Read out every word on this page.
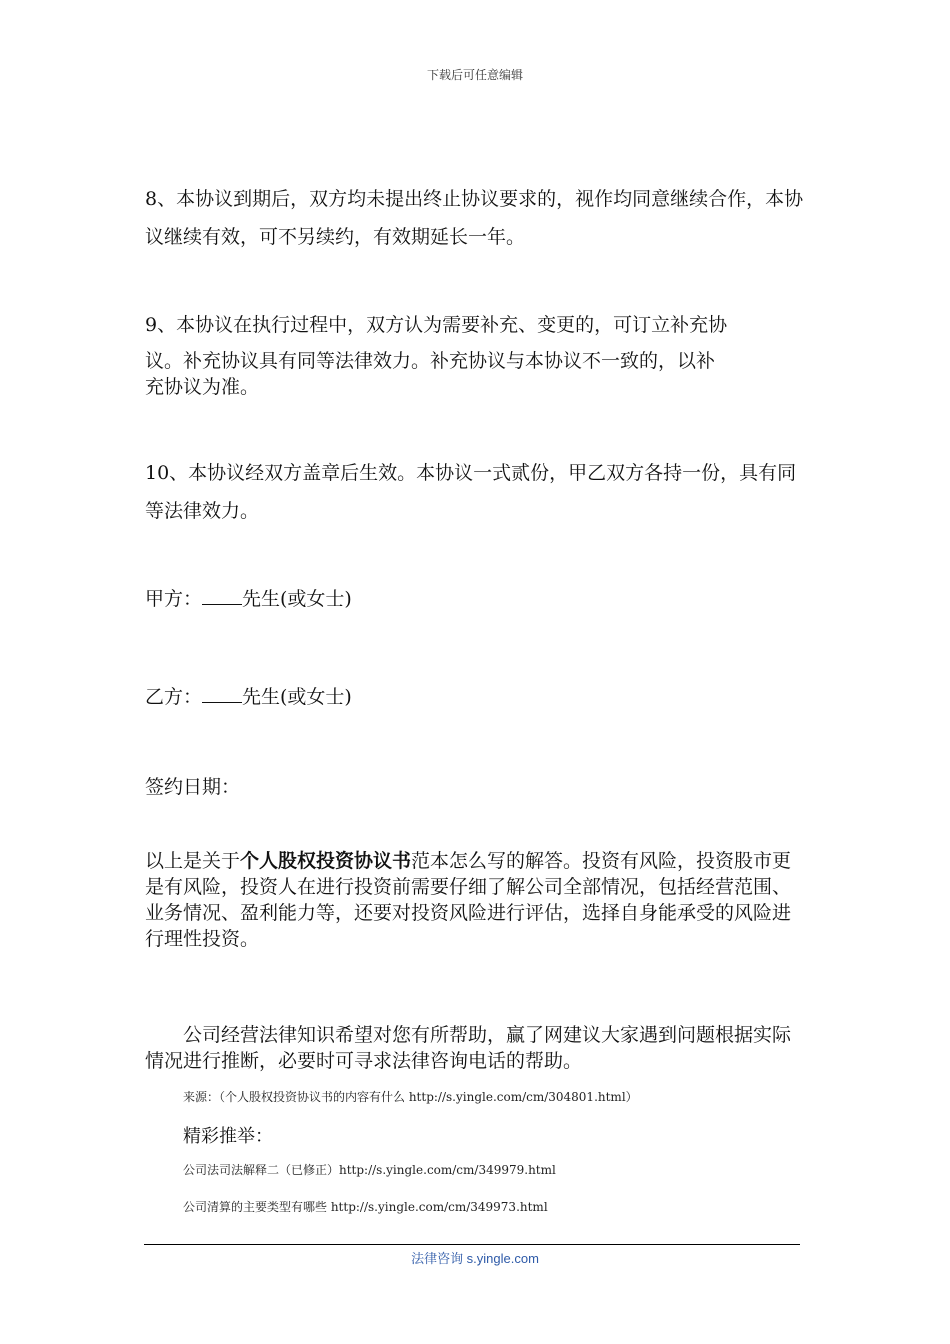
下载后可任意编辑

8、本协议到期后，双方均未提出终止协议要求的，视作均同意继续合作，本协议继续有效，可不另续约，有效期延长一年。

9、本协议在执行过程中，双方认为需要补充、变更的，可订立补充协
议。补充协议具有同等法律效力。补充协议与本协议不一致的，以补
充协议为准。

10、本协议经双方盖章后生效。本协议一式贰份，甲乙双方各持一份，具有同等法律效力。

甲方： 先生(或女士)

乙方： 先生(或女士)

签约日期：

以上是关于个人股权投资协议书范本怎么写的解答。投资有风险，投资股市更是有风险，投资人在进行投资前需要仔细了解公司全部情况，包括经营范围、业务情况、盈利能力等，还要对投资风险进行评估，选择自身能承受的风险进行理性投资。

公司经营法律知识希望对您有所帮助，赢了网建议大家遇到问题根据实际情况进行推断，必要时可寻求法律咨询电话的帮助。

来源：（个人股权投资协议书的内容有什么 http://s.yingle.com/cm/304801.html）
精彩推举：
公司法司法解释二（已修正）http://s.yingle.com/cm/349979.html
公司清算的主要类型有哪些 http://s.yingle.com/cm/349973.html
法律咨询 s.yingle.com
